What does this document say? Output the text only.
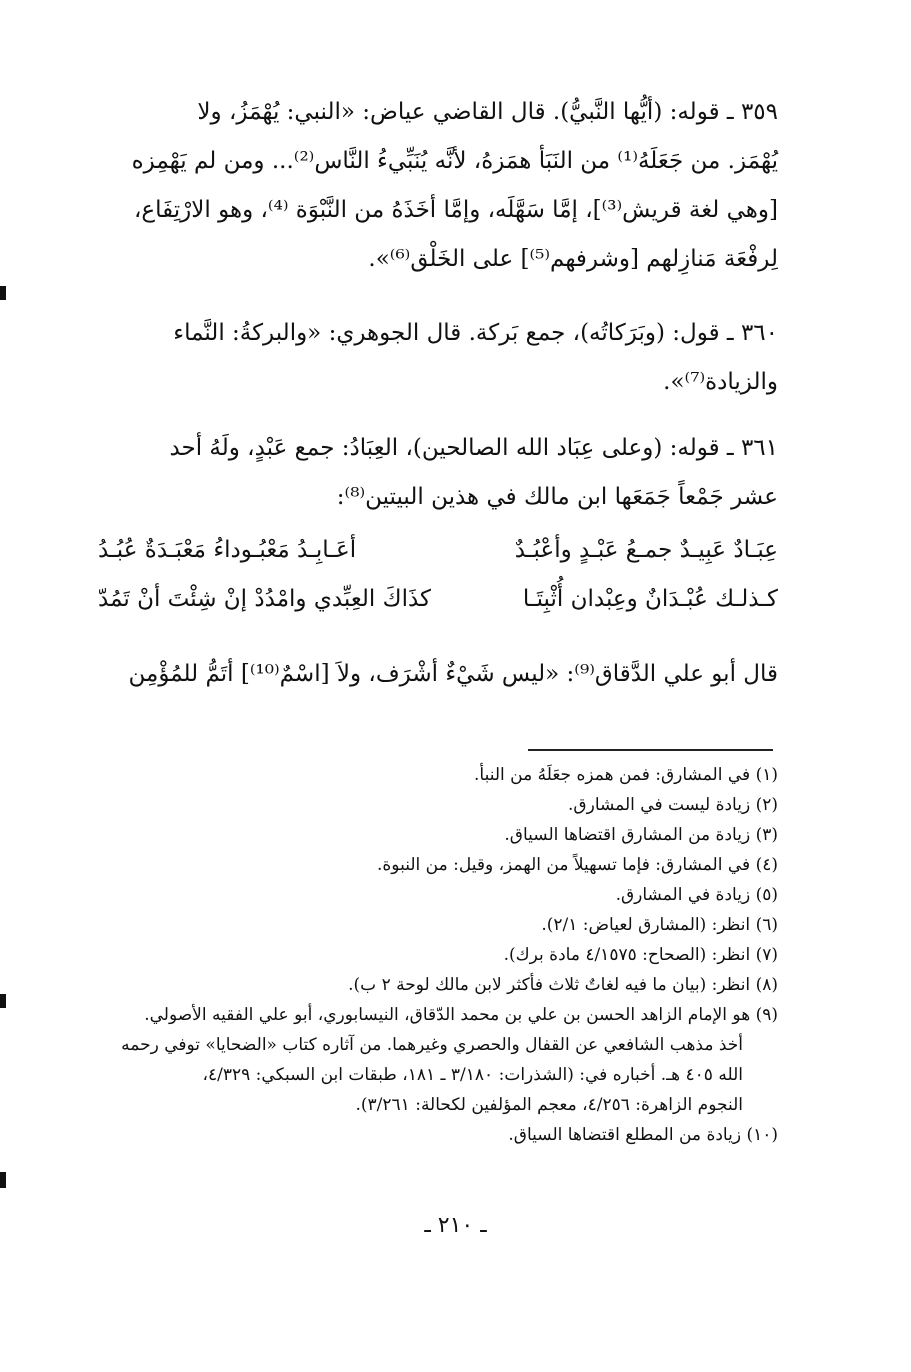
٣٥٩ ـ قوله: (أيُّها النَّبيُّ). قال القاضي عياض: «النبي: يُهْمَزُ، ولا
يُهْمَز. من جَعَلَهُ⁽¹⁾ من النَبَأ همَزهُ، لأنَّه يُنَبِّيءُ النَّاس⁽²⁾... ومن لم يَهْمِزه
[وهي لغة قريش⁽³⁾]، إمَّا سَهَّلَه، وإمَّا أخَذَهُ من النَّبْوَة ⁽⁴⁾، وهو الارْتِفَاع،
لِرفْعَة مَنازِلهم [وشرفهم⁽⁵⁾] على الخَلْق⁽⁶⁾».
٣٦٠ ـ قول: (وبَرَكاتُه)، جمع بَركة. قال الجوهري: «والبركةُ: النَّماء
والزيادة⁽⁷⁾».
٣٦١ ـ قوله: (وعلى عِبَاد الله الصالحين)، العِبَادُ: جمع عَبْدٍ، ولَهُ أحد
عشر جَمْعاً جَمَعَها ابن مالك في هذين البيتين⁽⁸⁾:
عِبَـادٌ عَبِيـدٌ جمـعُ عَبْـدٍ وأعْبُـدٌ
أعَـابِـدُ مَعْبُـوداءُ مَعْبَـدَةٌ عُبُـدُ
كـذلـك عُبْـدَانٌ وعِبْدان أُثْبِتَـا
كذَاكَ العِبِّدي وامْدُدْ إنْ شِئْتَ أنْ تَمُدّ
قال أبو علي الدَّقاق⁽⁹⁾: «ليس شَيْءٌ أشْرَف، ولاَ [اسْمٌ⁽¹⁰⁾] أتَمُّ للمُؤْمِن
(١) في المشارق: فمن همزه جعَلَهُ من النبأ.
(٢) زيادة ليست في المشارق.
(٣) زيادة من المشارق اقتضاها السياق.
(٤) في المشارق: فإما تسهيلاً من الهمز، وقيل: من النبوة.
(٥) زيادة في المشارق.
(٦) انظر: (المشارق لعياض: ٢/١).
(٧) انظر: (الصحاح: ٤/١٥٧٥ مادة برك).
(٨) انظر: (بيان ما فيه لغاتٌ ثلاث فأكثر لابن مالك لوحة ٢ ب).
(٩) هو الإمام الزاهد الحسن بن علي بن محمد الدّقاق، النيسابوري، أبو علي الفقيه الأصولي.
أخذ مذهب الشافعي عن القفال والحصري وغيرهما. من آثاره كتاب «الضحايا» توفي رحمه
الله ٤٠٥ هـ. أخباره في: (الشذرات: ٣/١٨٠ ـ ١٨١، طبقات ابن السبكي: ٤/٣٢٩،
النجوم الزاهرة: ٤/٢٥٦، معجم المؤلفين لكحالة: ٣/٢٦١).
(١٠) زيادة من المطلع اقتضاها السياق.
ـ ٢١٠ ـ
